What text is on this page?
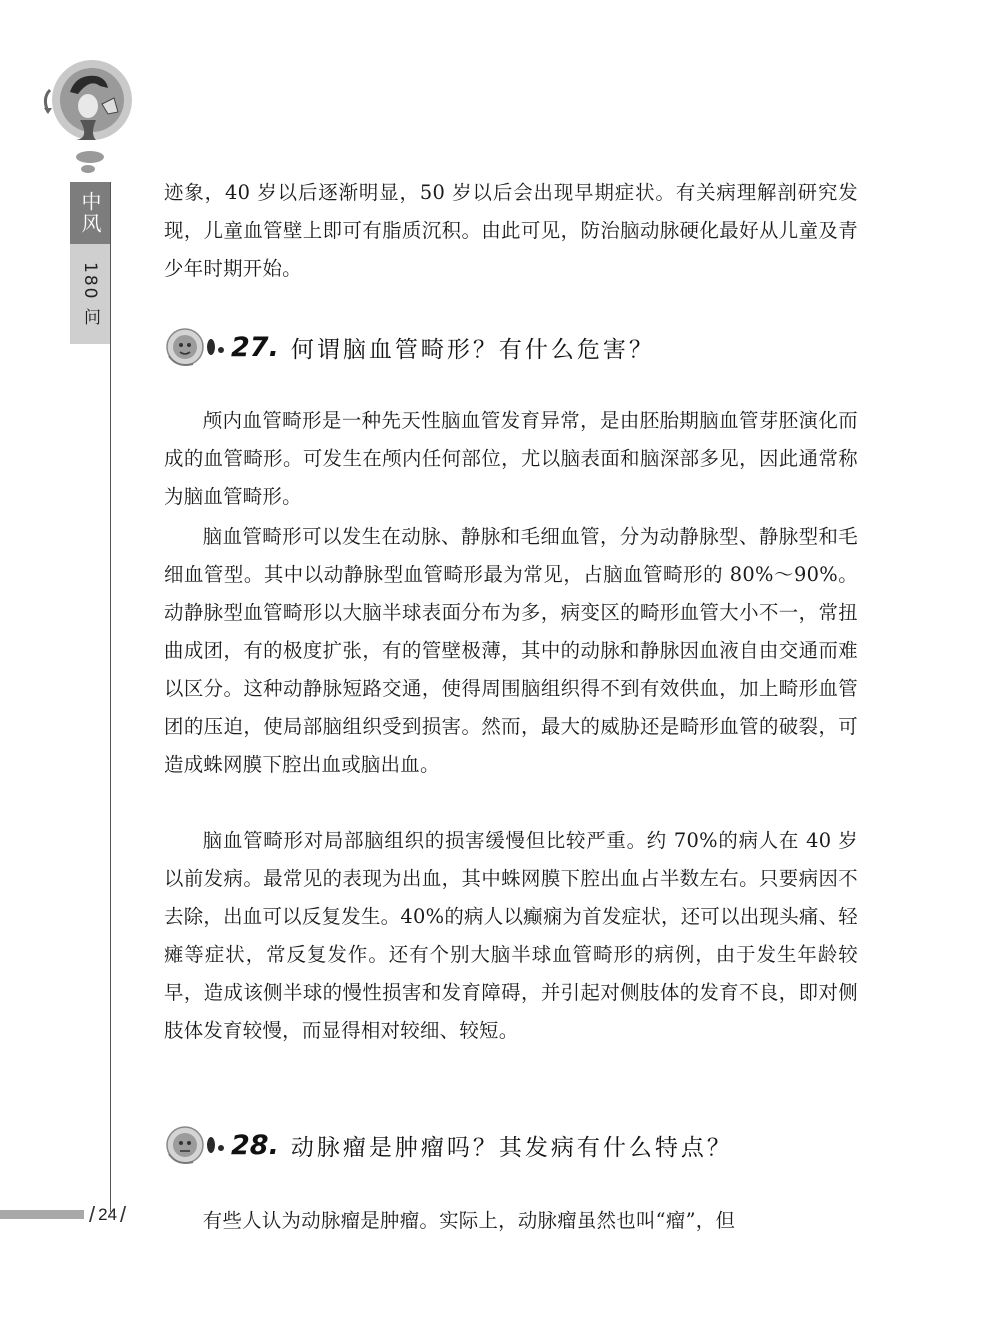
中风
180 问
/ 24 /

迹象，40 岁以后逐渐明显，50 岁以后会出现早期症状。有关病理解剖研究发现，儿童血管壁上即可有脂质沉积。由此可见，防治脑动脉硬化最好从儿童及青少年时期开始。

27. 何谓脑血管畸形？有什么危害？

颅内血管畸形是一种先天性脑血管发育异常，是由胚胎期脑血管芽胚演化而成的血管畸形。可发生在颅内任何部位，尤以脑表面和脑深部多见，因此通常称为脑血管畸形。

脑血管畸形可以发生在动脉、静脉和毛细血管，分为动静脉型、静脉型和毛细血管型。其中以动静脉型血管畸形最为常见，占脑血管畸形的 80%～90%。动静脉型血管畸形以大脑半球表面分布为多，病变区的畸形血管大小不一，常扭曲成团，有的极度扩张，有的管壁极薄，其中的动脉和静脉因血液自由交通而难以区分。这种动静脉短路交通，使得周围脑组织得不到有效供血，加上畸形血管团的压迫，使局部脑组织受到损害。然而，最大的威胁还是畸形血管的破裂，可造成蛛网膜下腔出血或脑出血。

脑血管畸形对局部脑组织的损害缓慢但比较严重。约 70%的病人在 40 岁以前发病。最常见的表现为出血，其中蛛网膜下腔出血占半数左右。只要病因不去除，出血可以反复发生。40%的病人以癫痫为首发症状，还可以出现头痛、轻瘫等症状，常反复发作。还有个别大脑半球血管畸形的病例，由于发生年龄较早，造成该侧半球的慢性损害和发育障碍，并引起对侧肢体的发育不良，即对侧肢体发育较慢，而显得相对较细、较短。

28. 动脉瘤是肿瘤吗？其发病有什么特点？

有些人认为动脉瘤是肿瘤。实际上，动脉瘤虽然也叫“瘤”，但
